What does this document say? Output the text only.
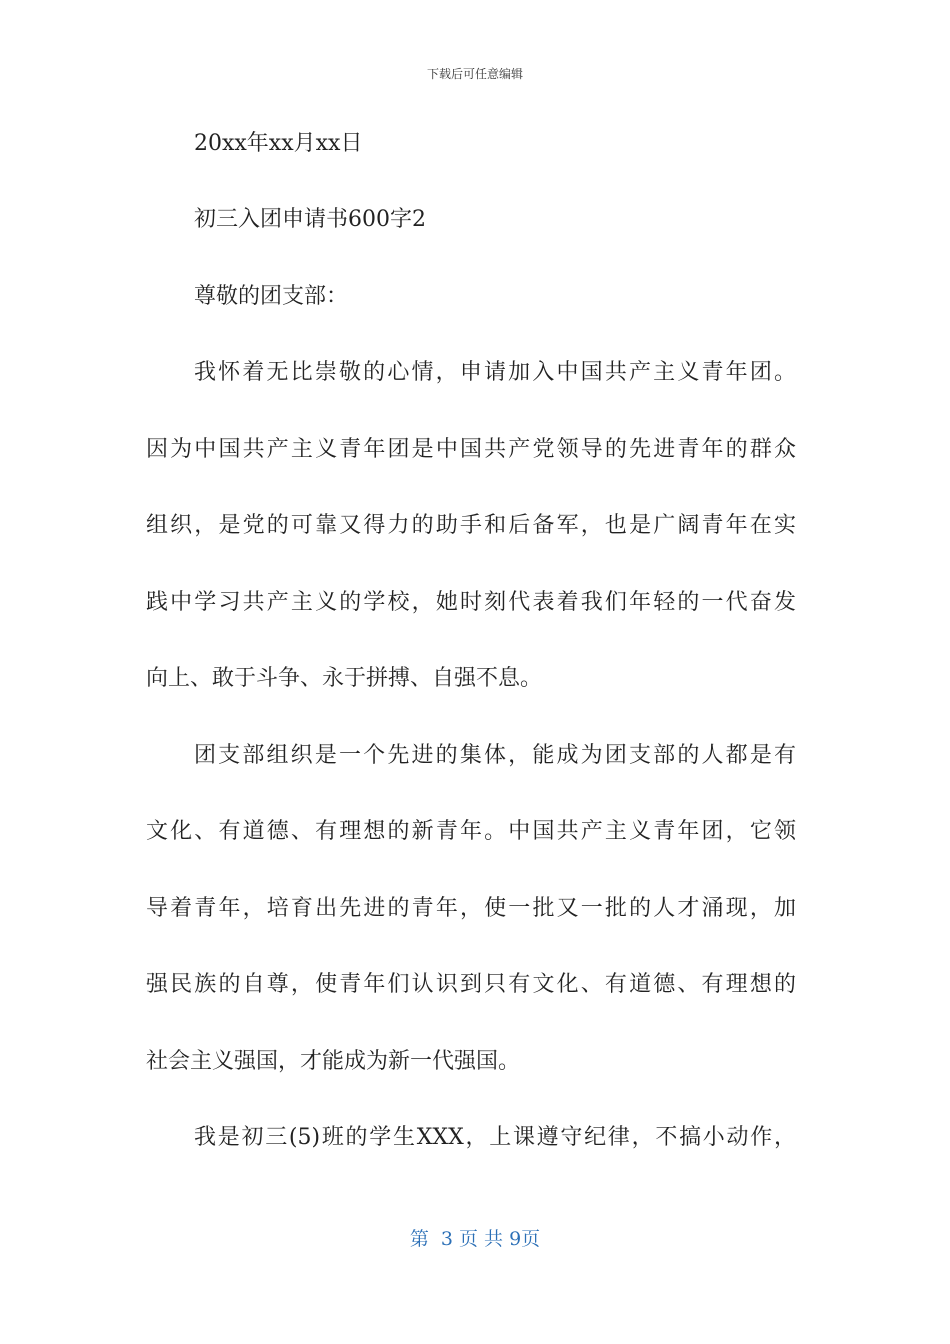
下载后可任意编辑
20xx年xx月xx日
初三入团申请书600字2
尊敬的团支部：
我怀着无比崇敬的心情，申请加入中国共产主义青年团。
因为中国共产主义青年团是中国共产党领导的先进青年的群众
组织，是党的可靠又得力的助手和后备军，也是广阔青年在实
践中学习共产主义的学校，她时刻代表着我们年轻的一代奋发
向上、敢于斗争、永于拼搏、自强不息。
团支部组织是一个先进的集体，能成为团支部的人都是有
文化、有道德、有理想的新青年。中国共产主义青年团，它领
导着青年，培育出先进的青年，使一批又一批的人才涌现，加
强民族的自尊，使青年们认识到只有文化、有道德、有理想的
社会主义强国，才能成为新一代强国。
我是初三(5)班的学生XXX，上课遵守纪律，不搞小动作，
第  3 页 共 9页
